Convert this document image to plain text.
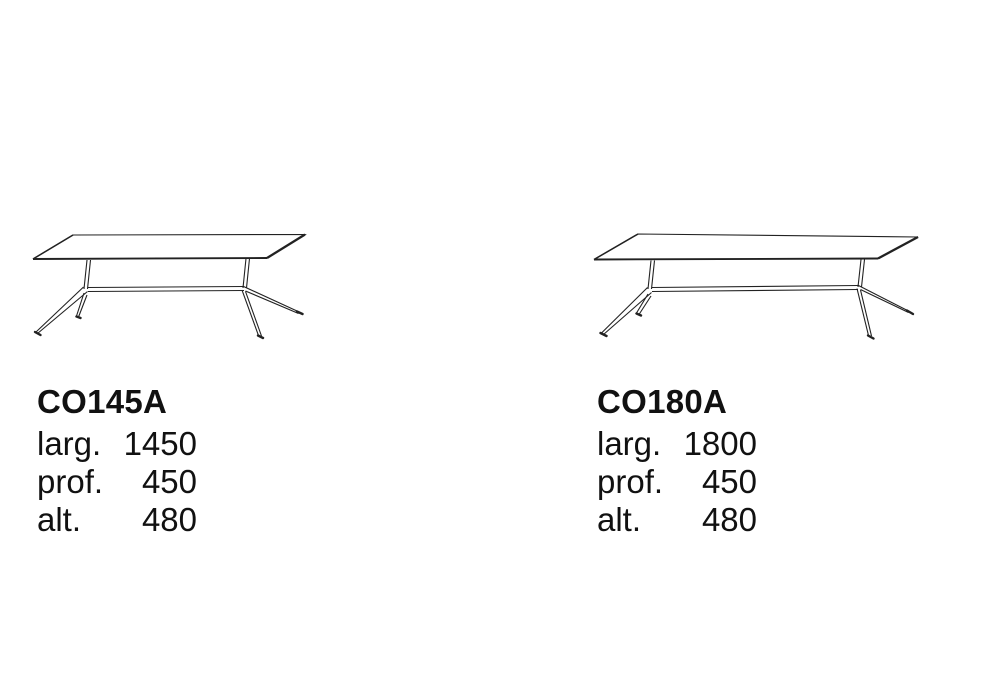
CO145A
larg. 1450
prof. 450
alt. 480
CO180A
larg. 1800
prof. 450
alt. 480
